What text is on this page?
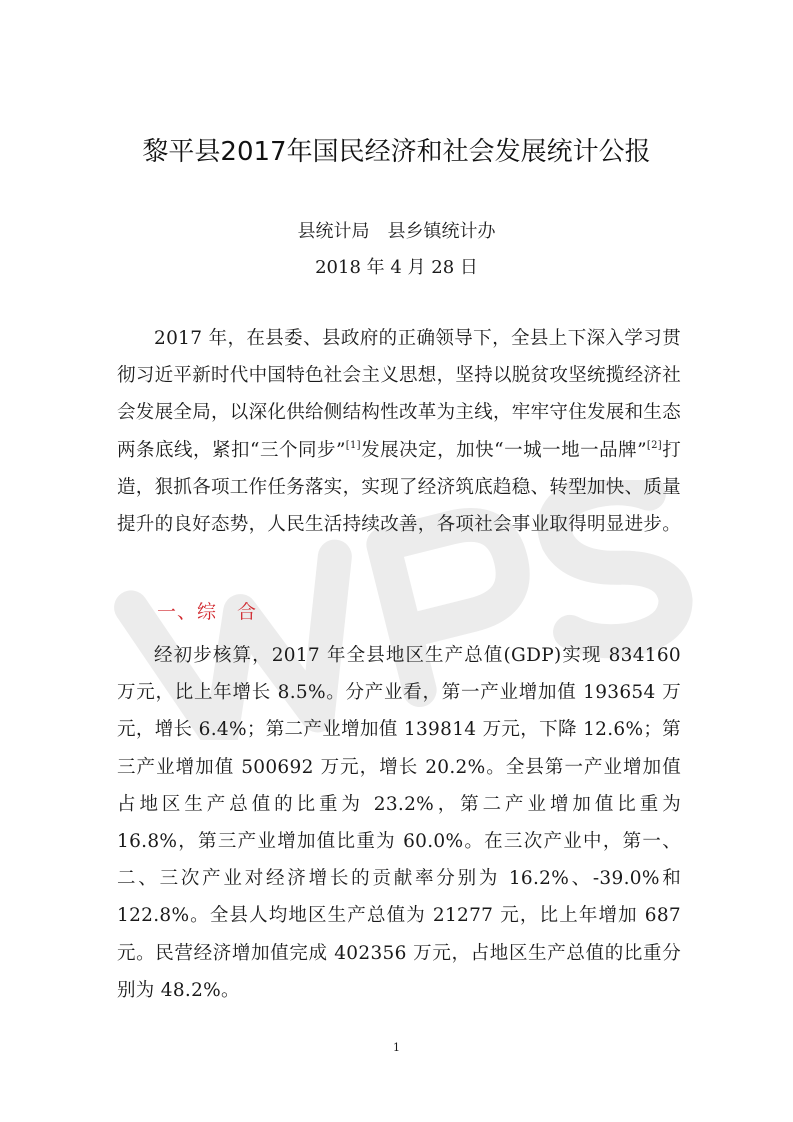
黎平县2017年国民经济和社会发展统计公报
县统计局　县乡镇统计办
2018 年 4 月 28 日

2017 年，在县委、县政府的正确领导下，全县上下深入学习贯彻习近平新时代中国特色社会主义思想，坚持以脱贫攻坚统揽经济社会发展全局，以深化供给侧结构性改革为主线，牢牢守住发展和生态两条底线，紧扣“三个同步”[1]发展决定，加快“一城一地一品牌”[2]打造，狠抓各项工作任务落实，实现了经济筑底趋稳、转型加快、质量提升的良好态势，人民生活持续改善，各项社会事业取得明显进步。

一、综　合

经初步核算，2017 年全县地区生产总值(GDP)实现 834160 万元，比上年增长 8.5%。分产业看，第一产业增加值 193654 万元，增长 6.4%；第二产业增加值 139814 万元，下降 12.6%；第三产业增加值 500692 万元，增长 20.2%。全县第一产业增加值占地区生产总值的比重为 23.2%，第二产业增加值比重为 16.8%，第三产业增加值比重为 60.0%。在三次产业中，第一、二、三次产业对经济增长的贡献率分别为 16.2%、-39.0%和 122.8%。全县人均地区生产总值为 21277 元，比上年增加 687 元。民营经济增加值完成 402356 万元，占地区生产总值的比重分别为 48.2%。

1
